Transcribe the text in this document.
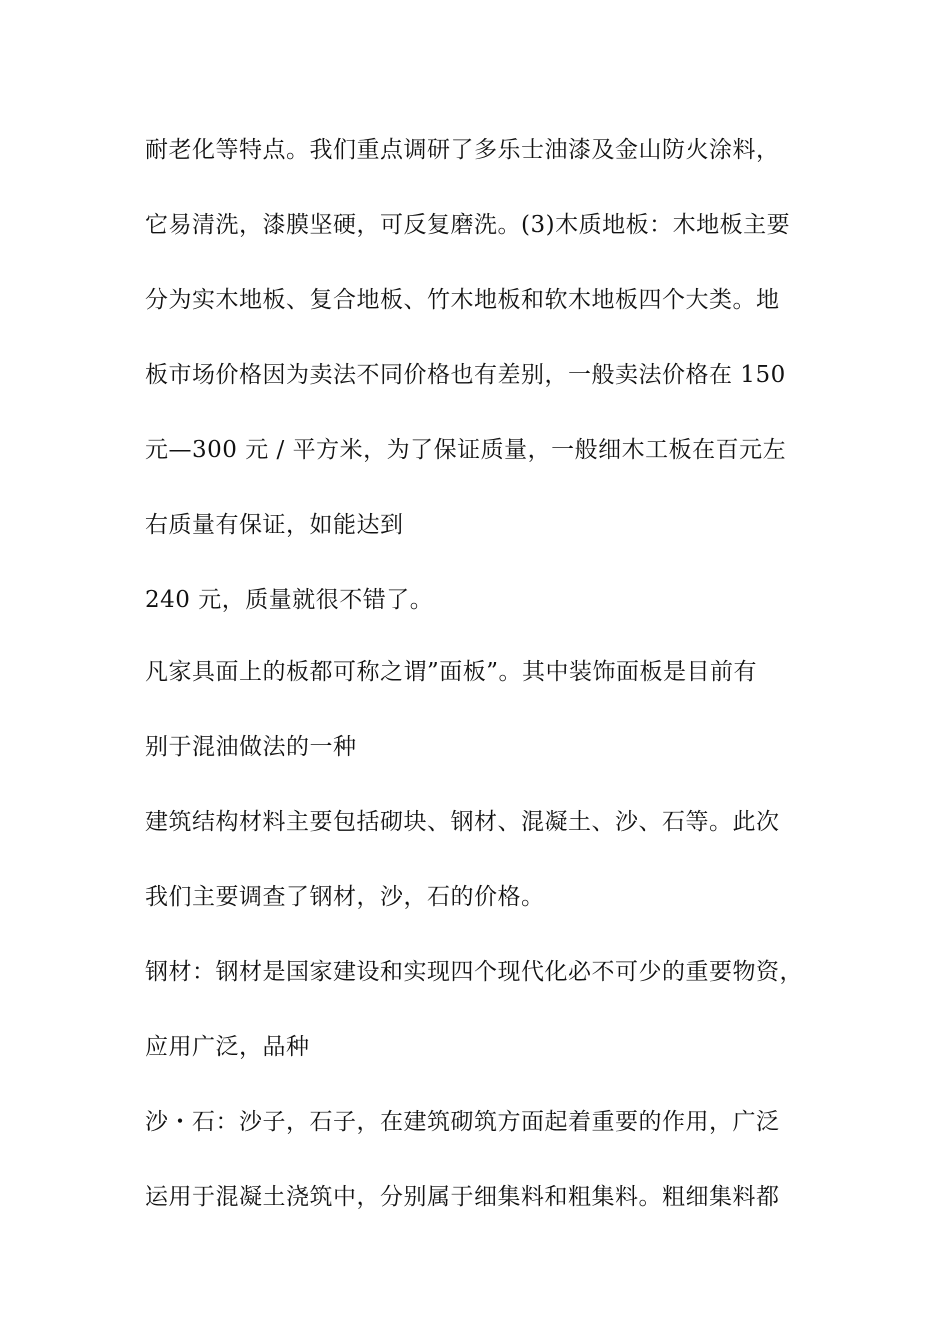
耐老化等特点。我们重点调研了多乐士油漆及金山防火涂料，
它易清洗，漆膜坚硬，可反复磨洗。(3)木质地板：木地板主要
分为实木地板、复合地板、竹木地板和软木地板四个大类。地
板市场价格因为卖法不同价格也有差别，一般卖法价格在 150
元—300 元 / 平方米，为了保证质量，一般细木工板在百元左
右质量有保证，如能达到
240 元，质量就很不错了。
凡家具面上的板都可称之谓”面板”。其中装饰面板是目前有
别于混油做法的一种
建筑结构材料主要包括砌块、钢材、混凝土、沙、石等。此次
我们主要调查了钢材，沙，石的价格。
钢材：钢材是国家建设和实现四个现代化必不可少的重要物资，
应用广泛，品种
沙・石：沙子，石子，在建筑砌筑方面起着重要的作用，广泛
运用于混凝土浇筑中，分别属于细集料和粗集料。粗细集料都
